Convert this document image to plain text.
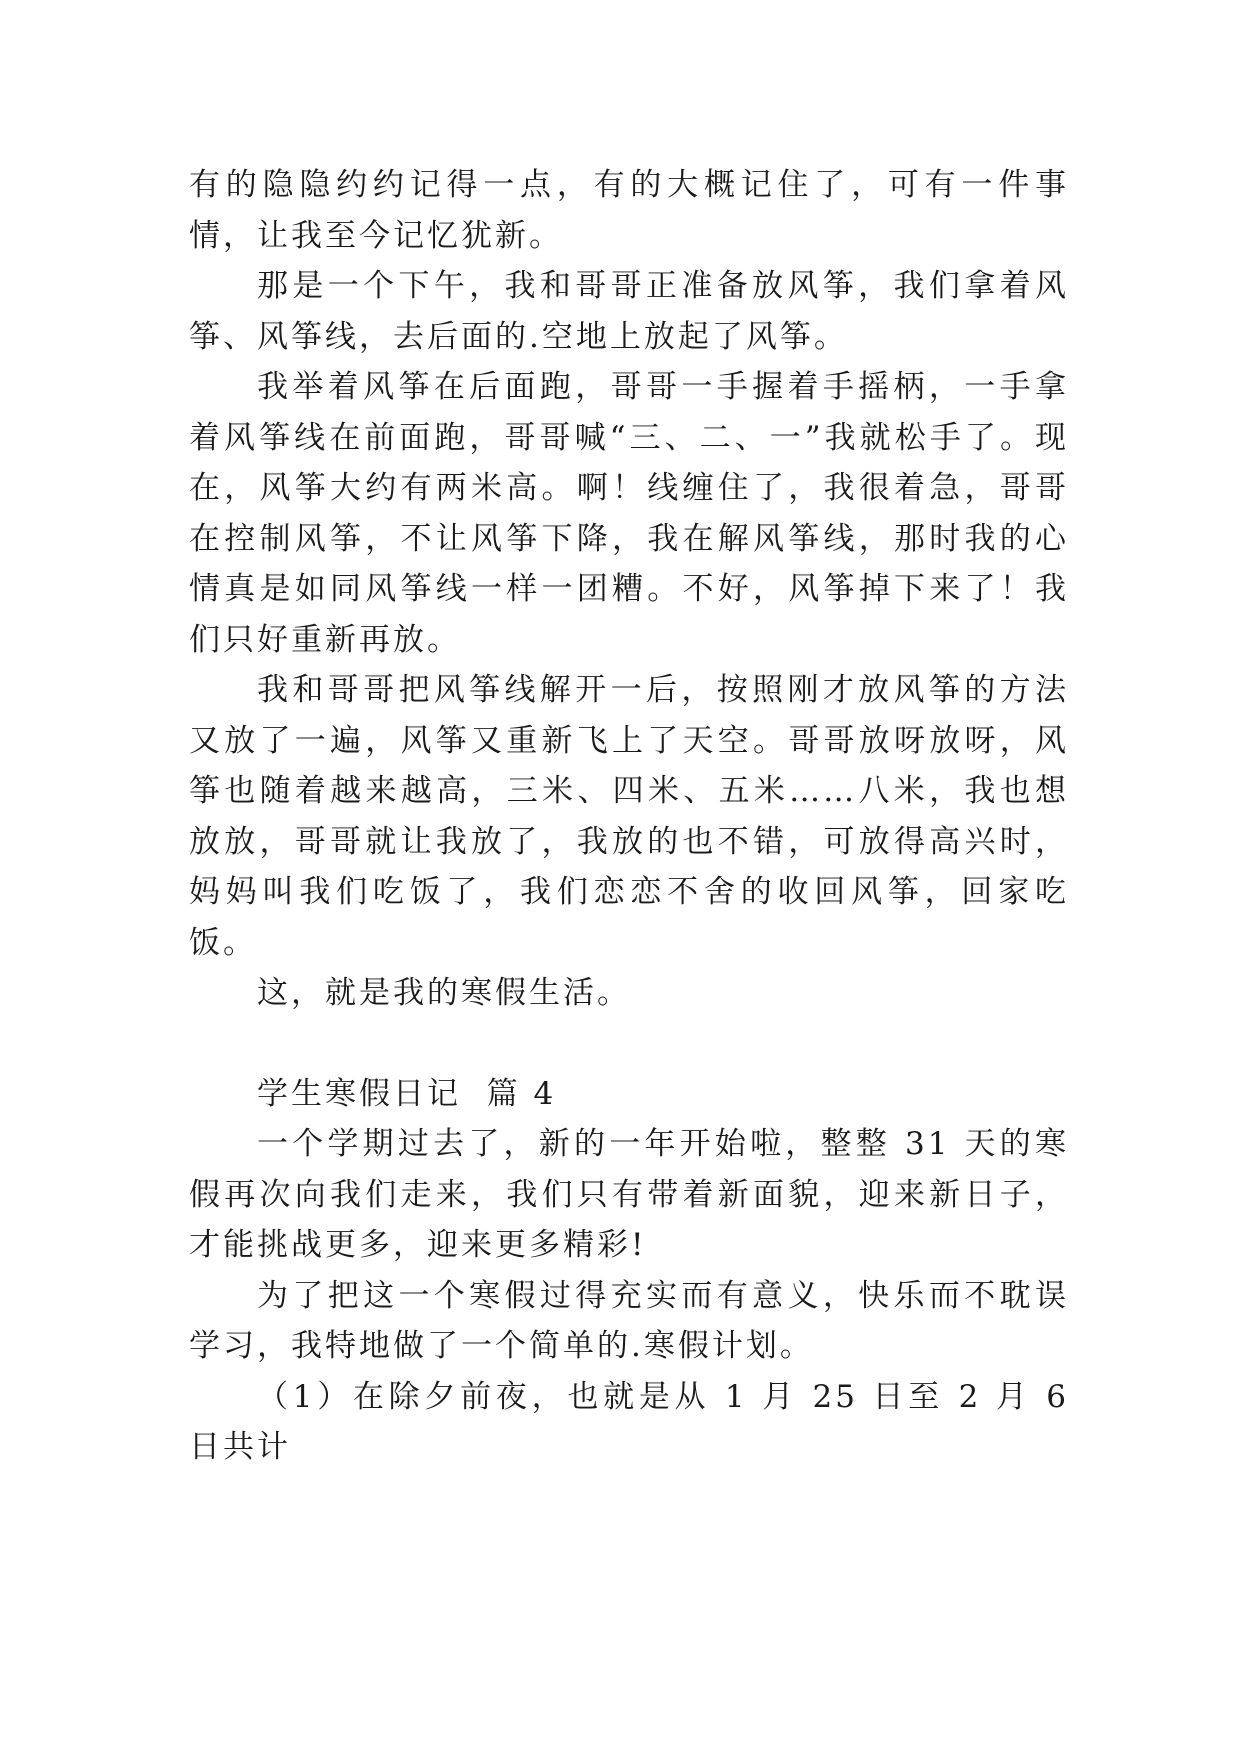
有的隐隐约约记得一点，有的大概记住了，可有一件事情，让我至今记忆犹新。

那是一个下午，我和哥哥正准备放风筝，我们拿着风筝、风筝线，去后面的.空地上放起了风筝。

我举着风筝在后面跑，哥哥一手握着手摇柄，一手拿着风筝线在前面跑，哥哥喊“三、二、一”我就松手了。现在，风筝大约有两米高。啊！线缠住了，我很着急，哥哥在控制风筝，不让风筝下降，我在解风筝线，那时我的心情真是如同风筝线一样一团糟。不好，风筝掉下来了！我们只好重新再放。

我和哥哥把风筝线解开一后，按照刚才放风筝的方法又放了一遍，风筝又重新飞上了天空。哥哥放呀放呀，风筝也随着越来越高，三米、四米、五米……八米，我也想放放，哥哥就让我放了，我放的也不错，可放得高兴时，妈妈叫我们吃饭了，我们恋恋不舍的收回风筝，回家吃饭。

这，就是我的寒假生活。

学生寒假日记  篇 4

一个学期过去了，新的一年开始啦，整整 31 天的寒假再次向我们走来，我们只有带着新面貌，迎来新日子，才能挑战更多，迎来更多精彩!

为了把这一个寒假过得充实而有意义，快乐而不耽误学习，我特地做了一个简单的.寒假计划。

（1）在除夕前夜，也就是从 1 月 25 日至 2 月 6 日共计
